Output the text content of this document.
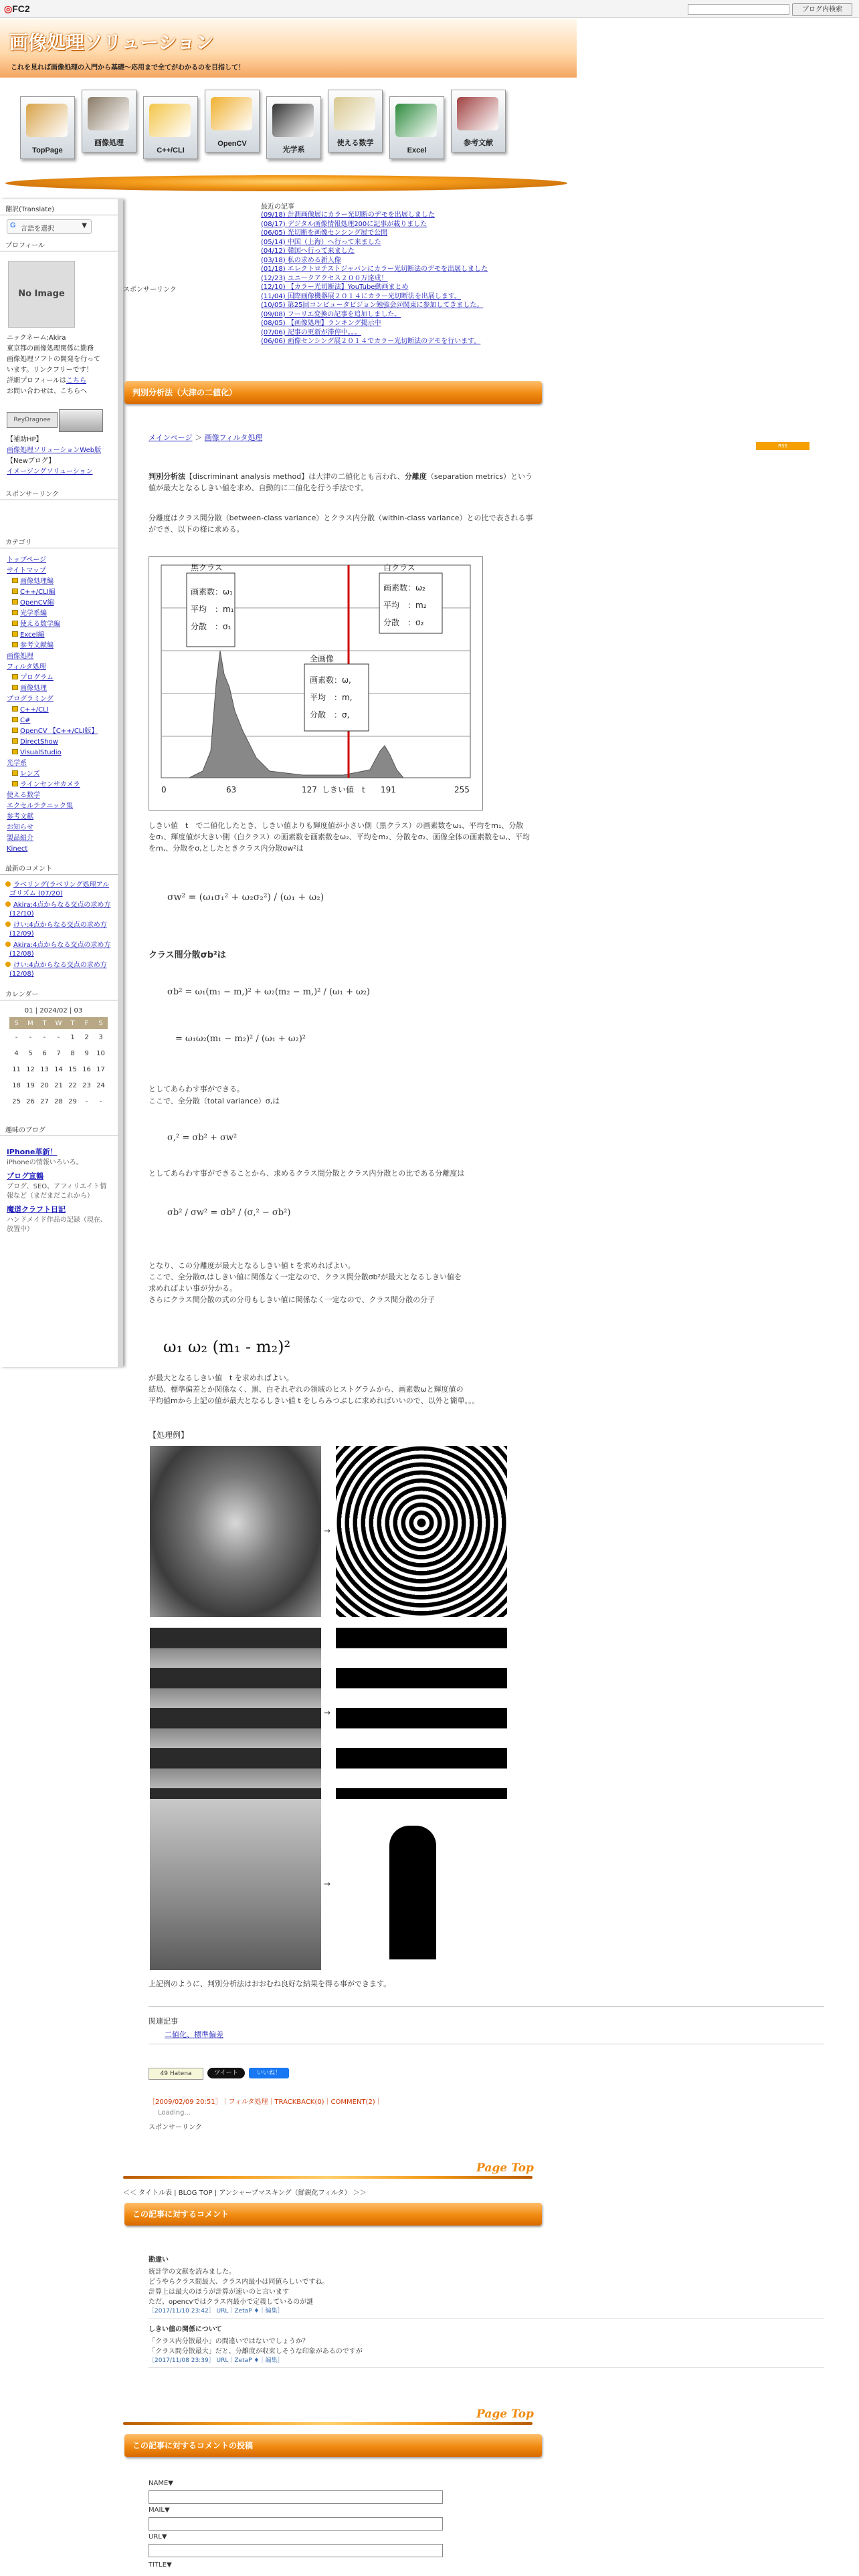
◎FC2	ブログ内検索
画像処理ソリューション
これを見れば画像処理の入門から基礎〜応用まで全てがわかるのを目指して！
TopPage
画像処理
C++/CLI
OpenCV
光学系
使える数学
Excel
参考文献
翻訳(Translate)
G 言語を選択	▼
プロフィール
No Image
ニックネーム:Akira
東京都の画像処理関係に勤務
画像処理ソフトの開発を行って
います。リンクフリーです！
詳細プロフィールはこちら
お問い合わせは、こちらへ
ReyDragnee
【補助HP】
画像処理ソリューションWeb版
【Newブログ】
イメージングソリューション
スポンサーリンク
カテゴリ
トップページ
サイトマップ
画像処理編
C++/CLI編
OpenCV編
光学系編
使える数学編
Excel編
参考文献編
画像処理
フィルタ処理
プログラム
画像処理
プログラミング
C++/CLI
C#
OpenCV 【C++/CLI版】
DirectShow
VisualStudio
光学系
レンズ
ラインセンサカメラ
使える数学
エクセルテクニック集
参考文献
お知らせ
製品紹介
Kinect
最新のコメント
ラベリング(ラベリング処理アルゴリズム (07/20)
Akira:4点からなる交点の求め方 (12/10)
けい:4点からなる交点の求め方 (12/09)
Akira:4点からなる交点の求め方 (12/08)
けい:4点からなる交点の求め方 (12/08)
カレンダー
01 | 2024/02 | 03
S	M	T	W	T	F	S
-	-	-	-	1	2	3
4	5	6	7	8	9	10
11	12	13	14	15	16	17
18	19	20	21	22	23	24
25	26	27	28	29	-	-
趣味のブログ
iPhone革新！
iPhoneの情報いろいろ。
ブログ宣鶴
ブログ、SEO、アフィリエイト情報など（まだまだこれから）
魔道クラフト日記
ハンドメイド作品の記録（現在、放置中）
最近の記事
(09/18) 計測画像展にカラー光切断のデモを出展しました
(08/17) デジタル画像情報処理200に記事が載りました
(06/05) 光切断を画像センシング展で公開
(05/14) 中国（上海）へ行って来ました
(04/12) 韓国へ行って来ました
(03/18) 私の求める新人像
(01/18) エレクトロテストジャパンにカラー光切断法のデモを出展しました
(12/23) ユニークアクセス２００万達成！
(12/10) 【カラー光切断法】YouTube動画まとめ
(11/04) 国際画像機器展２０１４にカラー光切断法を出展します。
(10/05) 第25回コンピュータビジョン勉強会＠関東に参加してきました。
(09/08) フーリエ変換の記事を追加しました。
(08/05) 【画像処理】ランキング掲示中
(07/06) 記事の更新が滞停中。。。
(06/06) 画像センシング展２０１４でカラー光切断法のデモを行います。
スポンサーリンク
判別分析法（大津の二値化）
メインページ ＞ 画像フィルタ処理
RSS
判別分析法【discriminant analysis method】は大津の二値化とも言われ、分離度（separation metrics）という値が最大となるしきい値を求め、自動的に二値化を行う手法です。
分離度はクラス間分散（between-class variance）とクラス内分散（within-class variance）との比で表される事ができ、以下の様に求める。
0	63	127 しきい値　t 191	255
黒クラス	白クラス
全画像
画素数：ω₁
平均　：m₁
分散　：σ₁
画素数：ω₂
平均　：m₂
分散　：σ₂
画素数：ω,
平均　：m,
分散　：σ,
しきい値　t　で二値化したとき、しきい値よりも輝度値が小さい側（黒クラス）の画素数をω₁、平均をm₁、分散をσ₁、輝度値が大きい側（白クラス）の画素数を画素数をω₂、平均をm₂、分散をσ₂、画像全体の画素数をω,、平均をm,、分散をσ,としたときクラス内分散σw²は
σw² = (ω₁σ₁² + ω₂σ₂²) / (ω₁ + ω₂)
クラス間分散σb²は
σb² = ω₁(m₁ − m,)² + ω₂(m₂ − m,)² / (ω₁ + ω₂)
= ω₁ω₂(m₁ − m₂)² / (ω₁ + ω₂)²
としてあらわす事ができる。
ここで、全分散（total variance）σ,は
σ,² = σb² + σw²
としてあらわす事ができることから、求めるクラス間分散とクラス内分散との比である分離度は
σb² / σw² = σb² / (σ,² − σb²)
となり、この分離度が最大となるしきい値 t を求めればよい。
ここで、全分散σ,はしきい値に関係なく一定なので、クラス間分散σb²が最大となるしきい値を
求めればよい事が分かる。
さらにクラス間分散の式の分母もしきい値に関係なく一定なので、クラス間分散の分子
ω₁ ω₂ (m₁ - m₂)²
が最大となるしきい値　t を求めればよい。
結局、標準偏差とか関係なく、黒、白それぞれの領域のヒストグラムから、画素数ωと輝度値の
平均値mから上記の値が最大となるしきい値 t をしらみつぶしに求めればいいので、以外と簡単。。。
【処理例】
→
→
→
上記例のように、判別分析法はおおむね良好な結果を得る事ができます。
関連記事
二値化、標準偏差
49 Hatena	ツイート	いいね！
［2009/02/09 20:51］｜フィルタ処理｜TRACKBACK(0)｜COMMENT(2)｜
Loading...
スポンサーリンク
Page Top
＜＜ タイトル表 | BLOG TOP | アンシャープマスキング（鮮鋭化フィルタ） ＞＞
この記事に対するコメント
勘違い
統計学の文献を読みました。
どうやらクラス間最大、クラス内最小は同値らしいですね。
計算上は最大のほうが計算が速いのと言います
ただ、opencvではクラス内最小で定義しているのが謎
［2017/11/10 23:42］ URL｜ZetaP ♦｜編集］
しきい値の関係について
「クラス内分散最小」の間違いではないでしょうか？
「クラス間分散最大」だと、分離度が収束しそうな印象があるのですが
［2017/11/08 23:39］ URL｜ZetaP ♦｜編集］
Page Top
この記事に対するコメントの投稿
NAME▼
MAIL▼
URL▼
TITLE▼
